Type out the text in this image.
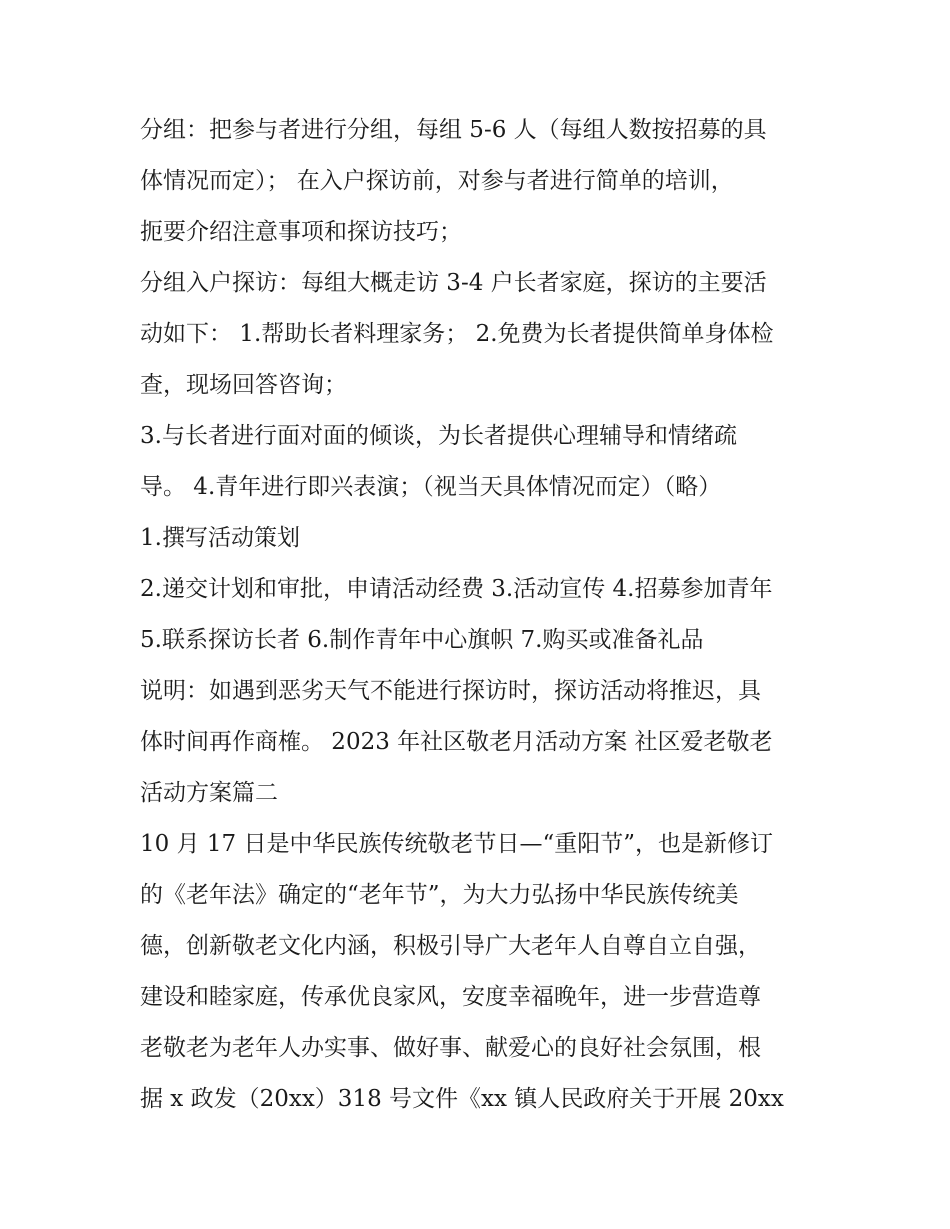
分组：把参与者进行分组，每组 5-6 人（每组人数按招募的具
体情况而定）； 在入户探访前，对参与者进行简单的培训，
扼要介绍注意事项和探访技巧；
分组入户探访：每组大概走访 3-4 户长者家庭，探访的主要活
动如下： 1.帮助长者料理家务； 2.免费为长者提供简单身体检
查，现场回答咨询；
3.与长者进行面对面的倾谈，为长者提供心理辅导和情绪疏
导。 4.青年进行即兴表演；（视当天具体情况而定）（略）
1.撰写活动策划
2.递交计划和审批，申请活动经费 3.活动宣传 4.招募参加青年
5.联系探访长者 6.制作青年中心旗帜 7.购买或准备礼品
说明：如遇到恶劣天气不能进行探访时，探访活动将推迟，具
体时间再作商榷。 2023 年社区敬老月活动方案 社区爱老敬老
活动方案篇二
10 月 17 日是中华民族传统敬老节日—“重阳节”，也是新修订
的《老年法》确定的“老年节”，为大力弘扬中华民族传统美
德，创新敬老文化内涵，积极引导广大老年人自尊自立自强，
建设和睦家庭，传承优良家风，安度幸福晚年，进一步营造尊
老敬老为老年人办实事、做好事、献爱心的良好社会氛围，根
据 x 政发（20xx）318 号文件《xx 镇人民政府关于开展 20xx
